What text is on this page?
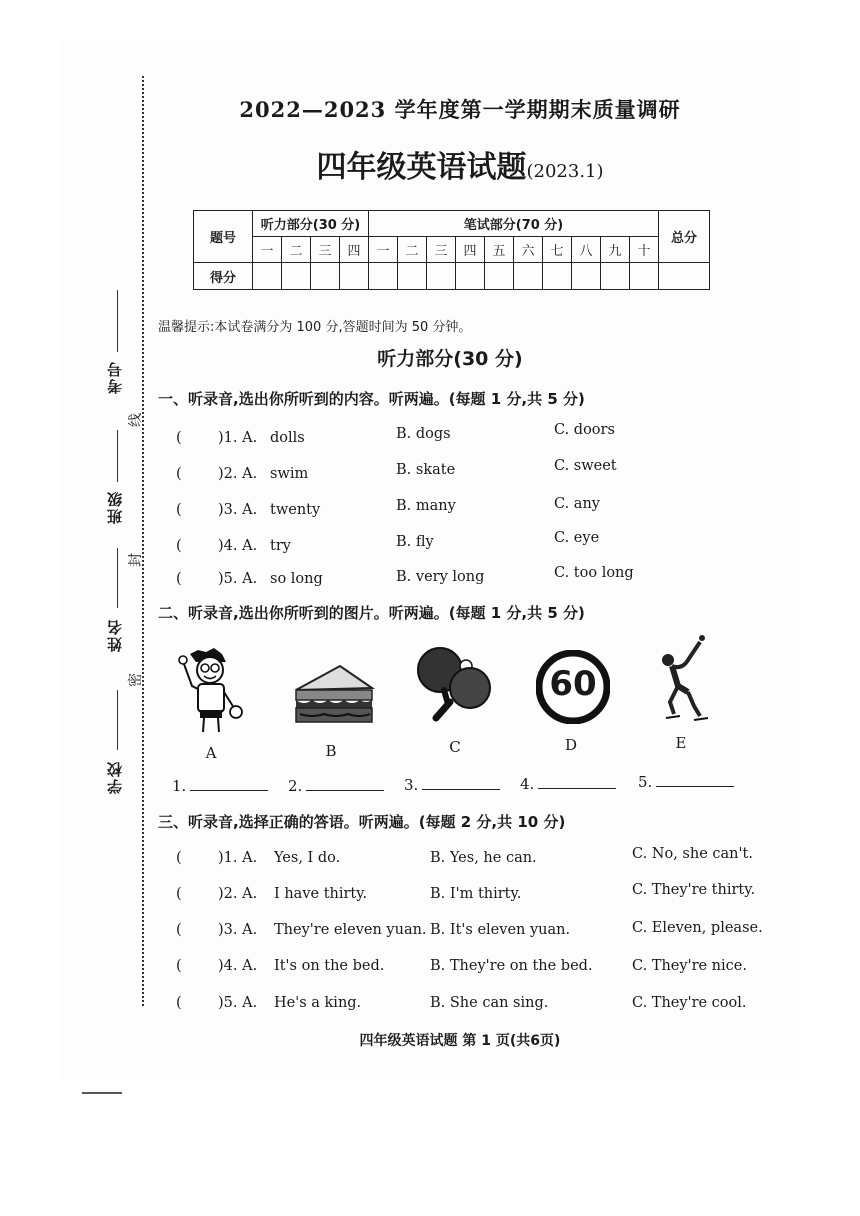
考号
班级
姓名
学校
线
封
密
2022—2023 学年度第一学期期末质量调研
四年级英语试题(2023.1)
题号	听力部分(30 分)				笔试部分(70 分)										总分
	一	二	三	四	一	二	三	四	五	六	七	八	九	十	
得分															
温馨提示:本试卷满分为 100 分,答题时间为 50 分钟。
听力部分(30 分)
一、听录音,选出你所听到的内容。听两遍。(每题 1 分,共 5 分)
(	)1. A. dolls	B. dogs	C. doors
(	)2. A. swim	B. skate	C. sweet
(	)3. A. twenty	B. many	C. any
(	)4. A. try	B. fly	C. eye
(	)5. A. so long	B. very long	C. too long
二、听录音,选出你所听到的图片。听两遍。(每题 1 分,共 5 分)
A	B	C
60
D	E
1.	2.	3.	4.	5.
三、听录音,选择正确的答语。听两遍。(每题 2 分,共 10 分)
(	)1. A. Yes, I do.	B. Yes, he can.	C. No, she can't.
(	)2. A. I have thirty.	B. I'm thirty.	C. They're thirty.
(	)3. A. They're eleven yuan. B. It's eleven yuan.	C. Eleven, please.
(	)4. A. It's on the bed.	B. They're on the bed.	C. They're nice.
(	)5. A. He's a king.	B. She can sing.	C. They're cool.
四年级英语试题 第 1 页(共6页)
